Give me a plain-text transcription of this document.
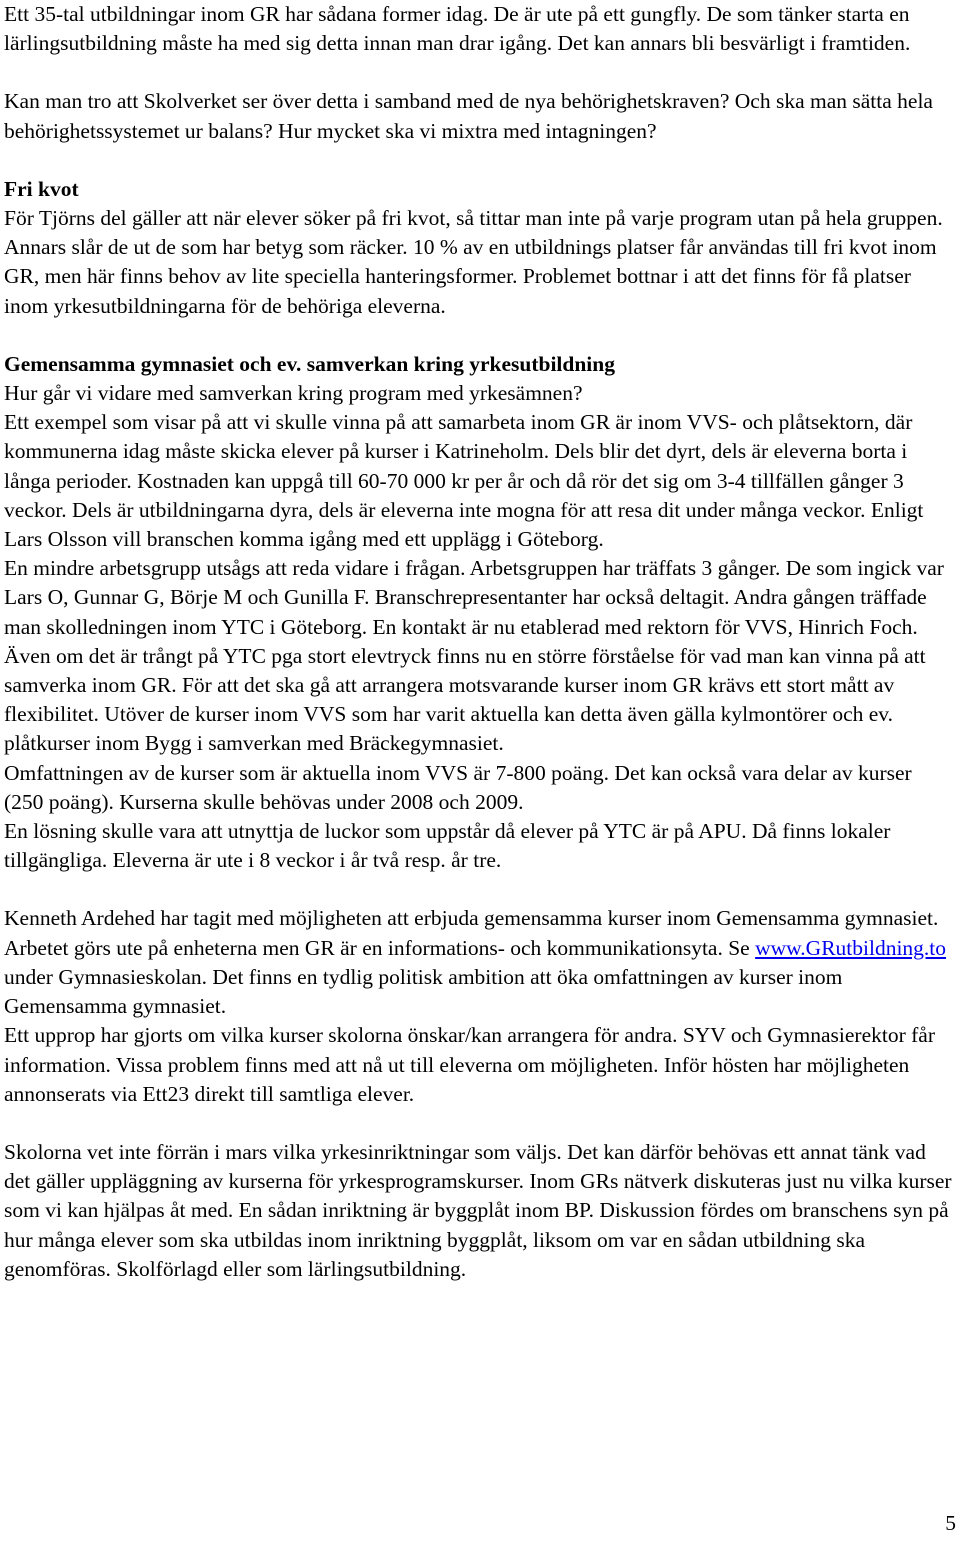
Ett 35-tal utbildningar inom GR har sådana former idag. De är ute på ett gungfly. De som tänker starta en lärlingsutbildning måste ha med sig detta innan man drar igång. Det kan annars bli besvärligt i framtiden.

Kan man tro att Skolverket ser över detta i samband med de nya behörighetskraven? Och ska man sätta hela behörighetssystemet ur balans? Hur mycket ska vi mixtra med intagningen?

Fri kvot

För Tjörns del gäller att när elever söker på fri kvot, så tittar man inte på varje program utan på hela gruppen. Annars slår de ut de som har betyg som räcker. 10 % av en utbildnings platser får användas till fri kvot inom GR, men här finns behov av lite speciella hanteringsformer. Problemet bottnar i att det finns för få platser inom yrkesutbildningarna för de behöriga eleverna.

Gemensamma gymnasiet och ev. samverkan kring yrkesutbildning

Hur går vi vidare med samverkan kring program med yrkesämnen?

Ett exempel som visar på att vi skulle vinna på att samarbeta inom GR är inom VVS- och plåtsektorn, där kommunerna idag måste skicka elever på kurser i Katrineholm. Dels blir det dyrt, dels är eleverna borta i långa perioder. Kostnaden kan uppgå till 60-70 000 kr per år och då rör det sig om 3-4 tillfällen gånger 3 veckor. Dels är utbildningarna dyra, dels är eleverna inte mogna för att resa dit under många veckor. Enligt Lars Olsson vill branschen komma igång med ett upplägg i Göteborg.

En mindre arbetsgrupp utsågs att reda vidare i frågan. Arbetsgruppen har träffats 3 gånger. De som ingick var Lars O, Gunnar G, Börje M och Gunilla F. Branschrepresentanter har också deltagit. Andra gången träffade man skolledningen inom YTC i Göteborg. En kontakt är nu etablerad med rektorn för VVS, Hinrich Foch. Även om det är trångt på YTC pga stort elevtryck finns nu en större förståelse för vad man kan vinna på att samverka inom GR. För att det ska gå att arrangera motsvarande kurser inom GR krävs ett stort mått av flexibilitet. Utöver de kurser inom VVS som har varit aktuella kan detta även gälla kylmontörer och ev. plåtkurser inom Bygg i samverkan med Bräckegymnasiet.

Omfattningen av de kurser som är aktuella inom VVS är 7-800 poäng. Det kan också vara delar av kurser (250 poäng). Kurserna skulle behövas under 2008 och 2009.

En lösning skulle vara att utnyttja de luckor som uppstår då elever på YTC är på APU. Då finns lokaler tillgängliga. Eleverna är ute i 8 veckor i år två resp. år tre.

Kenneth Ardehed har tagit med möjligheten att erbjuda gemensamma kurser inom Gemensamma gymnasiet. Arbetet görs ute på enheterna men GR är en informations- och kommunikationsyta. Se www.GRutbildning.to under Gymnasieskolan. Det finns en tydlig politisk ambition att öka omfattningen av kurser inom Gemensamma gymnasiet.

Ett upprop har gjorts om vilka kurser skolorna önskar/kan arrangera för andra. SYV och Gymnasierektor får information. Vissa problem finns med att nå ut till eleverna om möjligheten. Inför hösten har möjligheten annonserats via Ett23 direkt till samtliga elever.

Skolorna vet inte förrän i mars vilka yrkesinriktningar som väljs. Det kan därför behövas ett annat tänk vad det gäller uppläggning av kurserna för yrkesprogramskurser. Inom GRs nätverk diskuteras just nu vilka kurser som vi kan hjälpas åt med. En sådan inriktning är byggplåt inom BP. Diskussion fördes om branschens syn på hur många elever som ska utbildas inom inriktning byggplåt, liksom om var en sådan utbildning ska genomföras. Skolförlagd eller som lärlingsutbildning.

5
